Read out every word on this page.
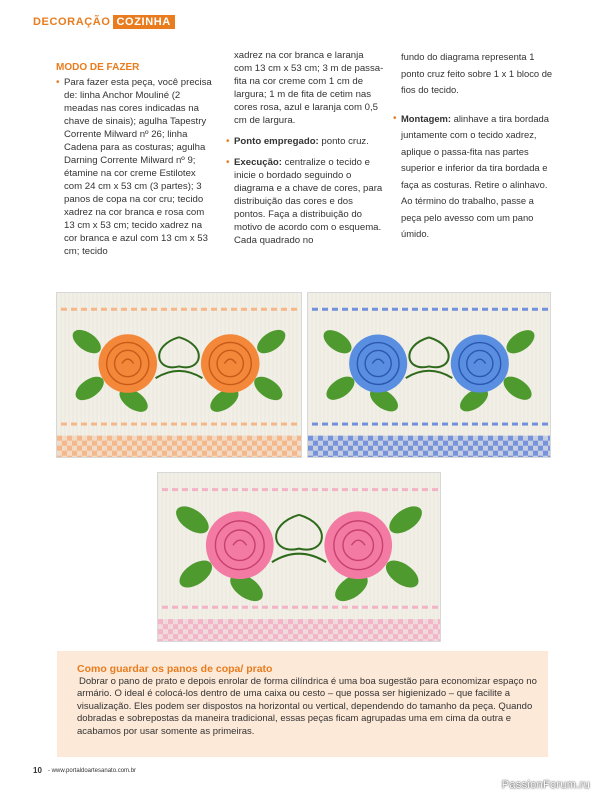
DECORAÇÃO COZINHA

MODO DE FAZER

• Para fazer esta peça, você precisa de: linha Anchor Mouliné (2 meadas nas cores indicadas na chave de sinais); agulha Tapestry Corrente Milward nº 26; linha Cadena para as costuras; agulha Darning Corrente Milward nº 9; étamine na cor creme Estilotex com 24 cm x 53 cm (3 partes); 3 panos de copa na cor cru; tecido xadrez na cor branca e rosa com 13 cm x 53 cm; tecido xadrez na cor branca e azul com 13 cm x 53 cm; tecido

xadrez na cor branca e laranja com 13 cm x 53 cm; 3 m de passa-fita na cor creme com 1 cm de largura; 1 m de fita de cetim nas cores rosa, azul e laranja com 0,5 cm de largura.

• Ponto empregado: ponto cruz.

• Execução: centralize o tecido e inicie o bordado seguindo o diagrama e a chave de cores, para distribuição das cores e dos pontos. Faça a distribuição do motivo de acordo com o esquema. Cada quadrado no

fundo do diagrama representa 1 ponto cruz feito sobre 1 x 1 bloco de fios do tecido.

• Montagem: alinhave a tira bordada juntamente com o tecido xadrez, aplique o passa-fita nas partes superior e inferior da tira bordada e faça as costuras. Retire o alinhavo. Ao término do trabalho, passe a peça pelo avesso com um pano úmido.

Como guardar os panos de copa/ prato
Dobrar o pano de prato e depois enrolar de forma cilíndrica é uma boa sugestão para economizar espaço no armário. O ideal é colocá-los dentro de uma caixa ou cesto – que possa ser higienizado – que facilite a visualização. Eles podem ser dispostos na horizontal ou vertical, dependendo do tamanho da peça. Quando dobradas e sobrepostas da maneira tradicional, essas peças ficam agrupadas uma em cima da outra e acabamos por usar somente as primeiras.
10 - www.portaldoartesanato.com.br
PassionForum.ru
